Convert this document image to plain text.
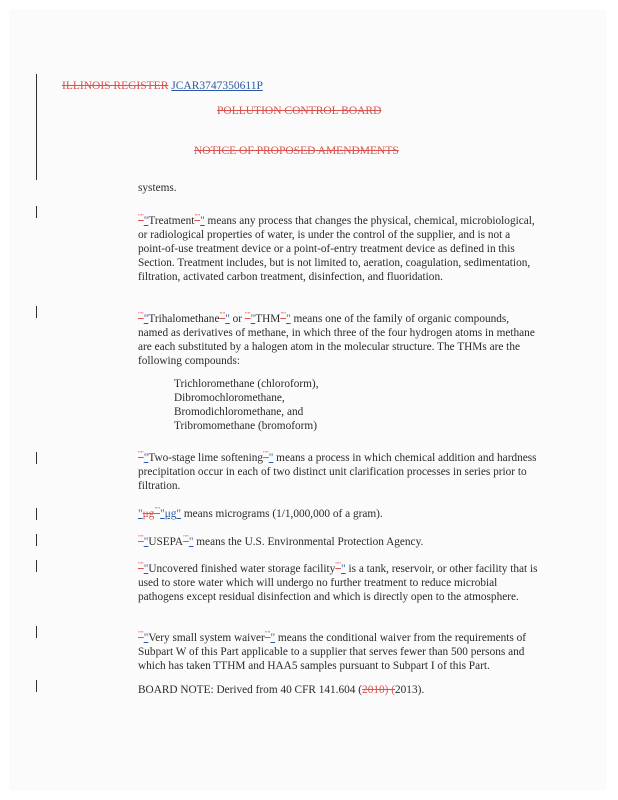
ILLINOIS REGISTER JCAR3747350611P
POLLUTION CONTROL BOARD
NOTICE OF PROPOSED AMENDMENTS
systems.
"""Treatment""" means any process that changes the physical, chemical, microbiological, or radiological properties of water, is under the control of the supplier, and is not a point-of-use treatment device or a point-of-entry treatment device as defined in this Section. Treatment includes, but is not limited to, aeration, coagulation, sedimentation, filtration, activated carbon treatment, disinfection, and fluoridation.
"""Trihalomethane""" or """THM""" means one of the family of organic compounds, named as derivatives of methane, in which three of the four hydrogen atoms in methane are each substituted by a halogen atom in the molecular structure. The THMs are the following compounds:
Trichloromethane (chloroform),
Dibromochloromethane,
Bromodichloromethane, and
Tribromomethane (bromoform)
"""Two-stage lime softening""" means a process in which chemical addition and hardness precipitation occur in each of two distinct unit clarification processes in series prior to filtration.
"μg"""μg" means micrograms (1/1,000,000 of a gram).
"""USEPA""" means the U.S. Environmental Protection Agency.
"""Uncovered finished water storage facility""" is a tank, reservoir, or other facility that is used to store water which will undergo no further treatment to reduce microbial pathogens except residual disinfection and which is directly open to the atmosphere.
"""Very small system waiver""" means the conditional waiver from the requirements of Subpart W of this Part applicable to a supplier that serves fewer than 500 persons and which has taken TTHM and HAA5 samples pursuant to Subpart I of this Part.
BOARD NOTE: Derived from 40 CFR 141.604 (2010) (2013).
